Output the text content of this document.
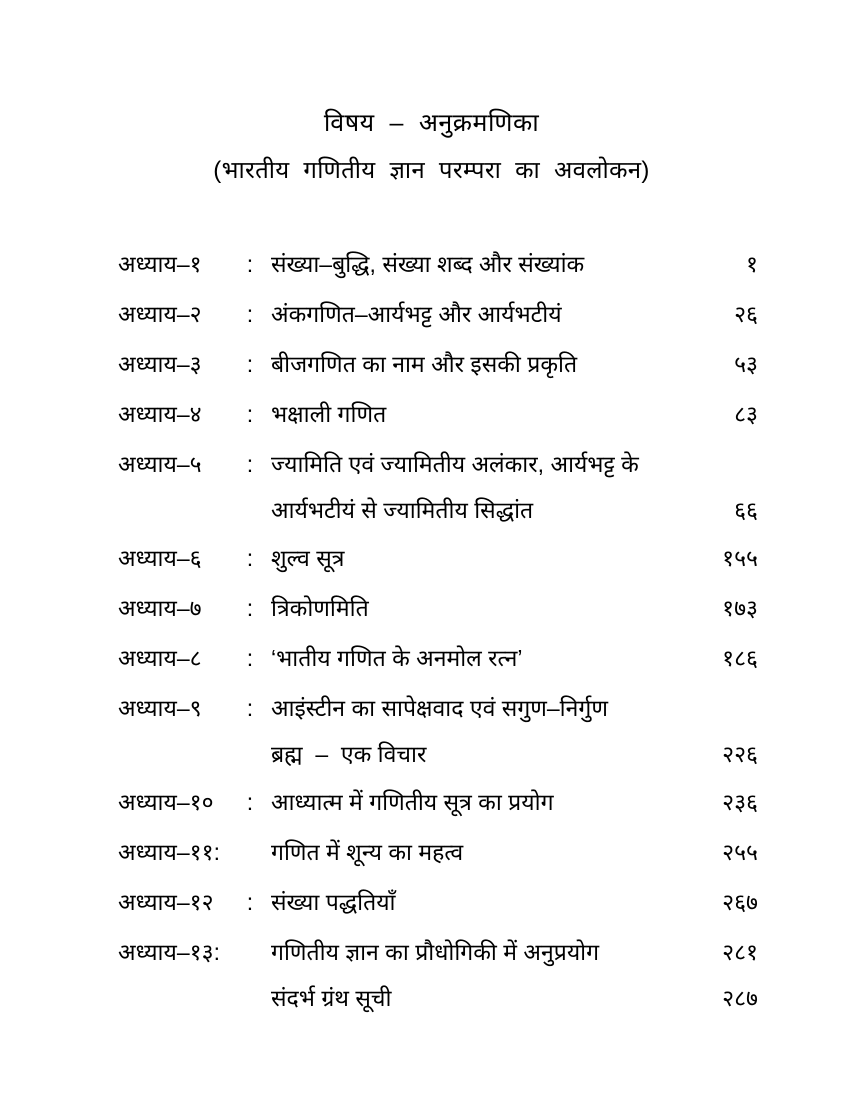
विषय  –  अनुक्रमणिका
(भारतीय  गणितीय  ज्ञान  परम्परा  का  अवलोकन)
अध्याय–१	: संख्या–बुद्धि, संख्या शब्द और संख्यांक	१
अध्याय–२	: अंकगणित–आर्यभट्ट और आर्यभटीयं	२६
अध्याय–३	: बीजगणित का नाम और इसकी प्रकृति	५३
अध्याय–४	: भक्षाली गणित	८३
अध्याय–५	: ज्यामिति एवं ज्यामितीय अलंकार, आर्यभट्ट के
आर्यभटीयं से ज्यामितीय सिद्धांत	६६
अध्याय–६	: शुल्व सूत्र	१५५
अध्याय–७	: त्रिकोणमिति	१७३
अध्याय–८	: ‘भातीय गणित के अनमोल रत्न’	१८६
अध्याय–९	: आइंस्टीन का सापेक्षवाद एवं सगुण–निर्गुण
ब्रह्म  –  एक विचार	२२६
अध्याय–१०	: आध्यात्म में गणितीय सूत्र का प्रयोग	२३६
अध्याय–११:	गणित में शून्य का महत्व	२५५
अध्याय–१२	: संख्या पद्धतियाँ	२६७
अध्याय–१३:	गणितीय ज्ञान का प्रौधोगिकी में अनुप्रयोग	२८१
संदर्भ ग्रंथ सूची	२८७
